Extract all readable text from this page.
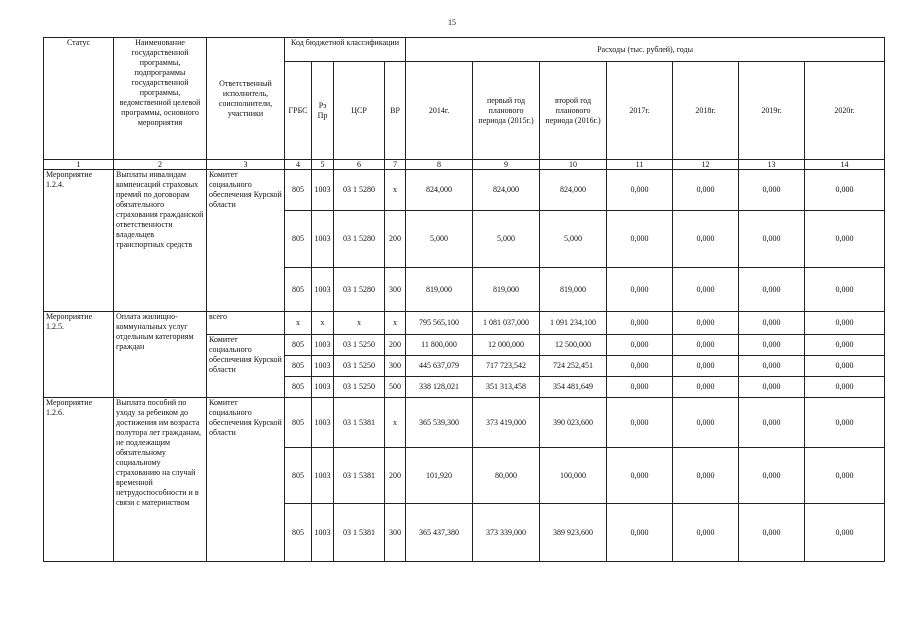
15
Статус	Наименование государственной программы, подпрограммы государственной программы, ведомственной целевой программы, основного мероприятия	Ответственный исполнитель, соисполнители, участники	Код бюджетной классификации				Расходы (тыс. рублей), годы						
			ГРБС	Рз Пр	ЦСР	ВР	2014г.	первый год планового периода (2015г.)	второй год планового периода (2016г.)	2017г.	2018г.	2019г.	2020г.
1	2	3	4	5	6	7	8	9	10	11	12	13	14
Мероприятие 1.2.4.	Выплаты инвалидам компенсаций страховых премий по договорам обязательного страхования гражданской ответственности владельцев транспортных средств	Комитет социального обеспечения Курской области	805	1003	03 1 5280	x	824,000	824,000	824,000	0,000	0,000	0,000	0,000
			805	1003	03 1 5280	200	5,000	5,000	5,000	0,000	0,000	0,000	0,000
			805	1003	03 1 5280	300	819,000	819,000	819,000	0,000	0,000	0,000	0,000
Мероприятие 1.2.5.	Оплата жилищно-коммунальных услуг отдельным категориям граждан	всего	x	x	x	x	795 565,100	1 081 037,000	1 091 234,100	0,000	0,000	0,000	0,000
		Комитет социального обеспечения Курской области	805	1003	03 1 5250	200	11 800,000	12 000,000	12 500,000	0,000	0,000	0,000	0,000
			805	1003	03 1 5250	300	445 637,079	717 723,542	724 252,451	0,000	0,000	0,000	0,000
			805	1003	03 1 5250	500	338 128,021	351 313,458	354 481,649	0,000	0,000	0,000	0,000
Мероприятие 1.2.6.	Выплата пособий по уходу за ребенком до достижения им возраста полутора лет гражданам, не подлежащим обязательному социальному страхованию на случай временной нетрудоспособности и в связи с материнством	Комитет социального обеспечения Курской области	805	1003	03 1 5381	x	365 539,300	373 419,000	390 023,600	0,000	0,000	0,000	0,000
			805	1003	03 1 5381	200	101,920	80,000	100,000	0,000	0,000	0,000	0,000
			805	1003	03 1 5381	300	365 437,380	373 339,000	389 923,600	0,000	0,000	0,000	0,000
